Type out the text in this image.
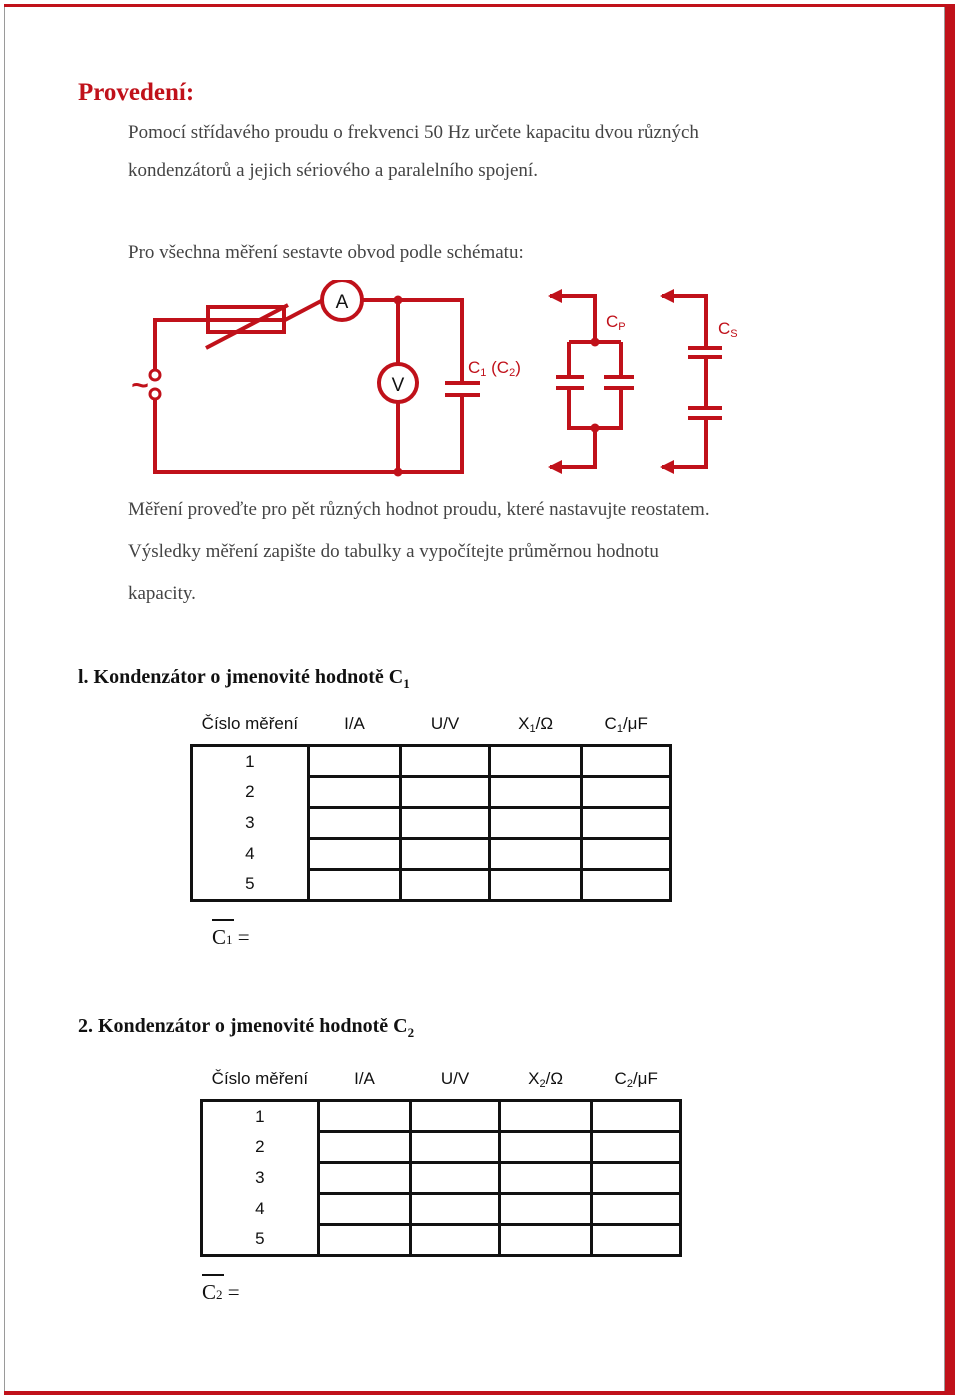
Provedení:
Pomocí střídavého proudu o frekvenci 50 Hz určete kapacitu dvou různých
kondenzátorů a jejich sériového a paralelního spojení.
Pro všechna měření sestavte obvod podle schématu:
A
V
~
C1 (C2)
CP	CS
Měření proveďte pro pět různých hodnot proudu, které nastavujte reostatem.
Výsledky měření zapište do tabulky a vypočítejte průměrnou hodnotu
kapacity.
l. Kondenzátor o jmenovité hodnotě $C_1$
Číslo měření	I/A	U/V	$X_1/\Omega$	$C_1/\mu F$
1				
2				
3				
4				
5				
C1 =
2. Kondenzátor o jmenovité hodnotě $C_2$
Číslo měření	I/A	U/V	$X_2/\Omega$	$C_2/\mu F$
1				
2				
3				
4				
5				
C2 =
